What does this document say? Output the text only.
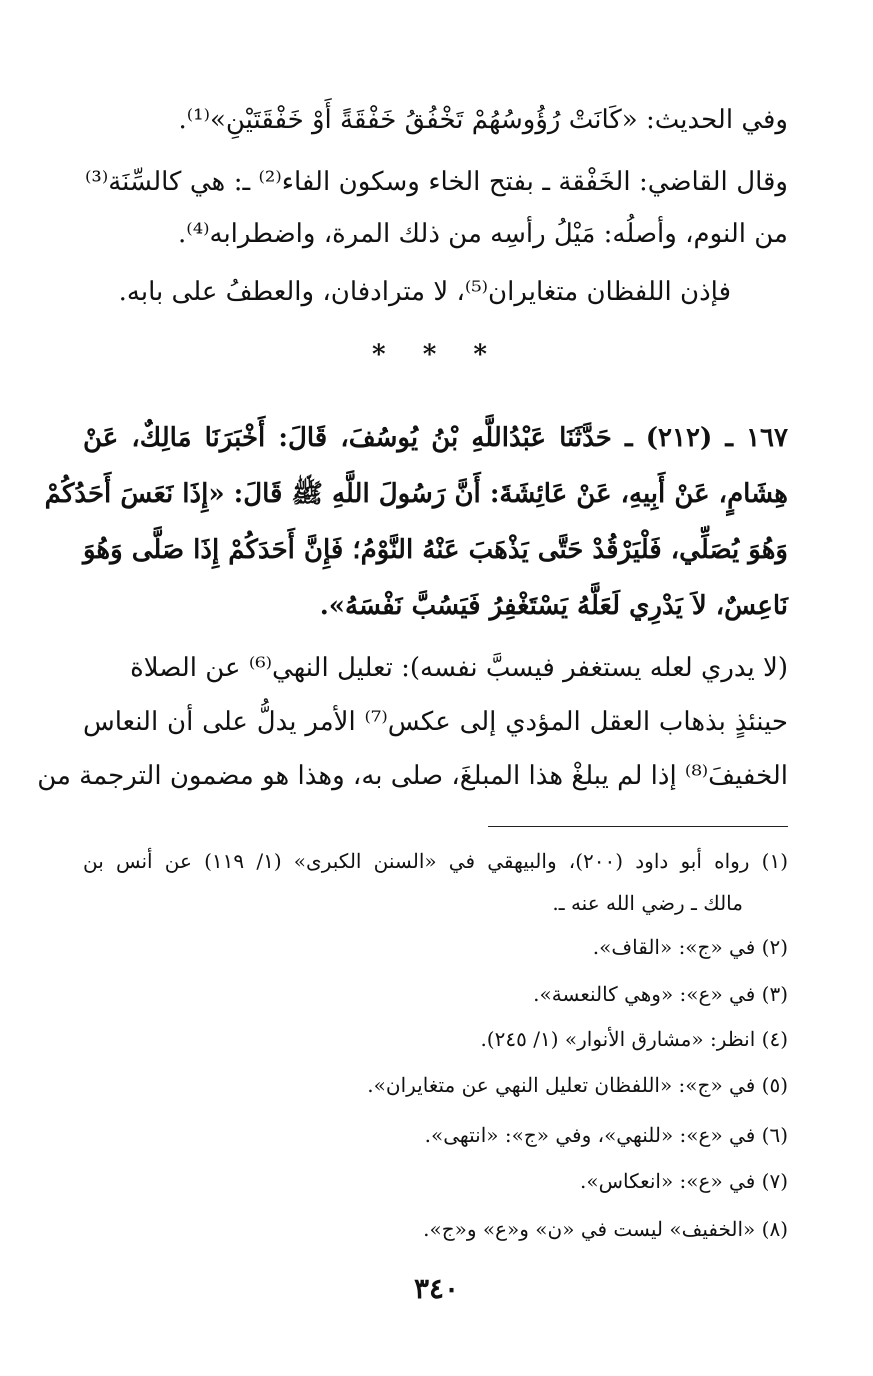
وفي الحديث: «كَانَتْ رُؤُوسُهُمْ تَخْفُقُ خَفْقَةً أَوْ خَفْقَتَيْنِ»⁽¹⁾.
وقال القاضي: الخَفْقة ـ بفتح الخاء وسكون الفاء⁽²⁾ ـ: هي كالسِّنَة⁽³⁾
من النوم، وأصلُه: مَيْلُ رأسِه من ذلك المرة، واضطرابه⁽⁴⁾.
فإذن اللفظان متغايران⁽⁵⁾، لا مترادفان، والعطفُ على بابه.
* * *
١٦٧ ـ (٢١٢) ـ حَدَّثَنَا عَبْدُاللَّهِ بْنُ يُوسُفَ، قَالَ: أَخْبَرَنَا مَالِكٌ، عَنْ
هِشَامٍ، عَنْ أَبِيهِ، عَنْ عَائِشَةَ: أَنَّ رَسُولَ اللَّهِ ﷺ قَالَ: «إِذَا نَعَسَ أَحَدُكُمْ
وَهُوَ يُصَلِّي، فَلْيَرْقُدْ حَتَّى يَذْهَبَ عَنْهُ النَّوْمُ؛ فَإِنَّ أَحَدَكُمْ إِذَا صَلَّى وَهُوَ
نَاعِسٌ، لاَ يَدْرِي لَعَلَّهُ يَسْتَغْفِرُ فَيَسُبَّ نَفْسَهُ».
(لا يدري لعله يستغفر فيسبَّ نفسه): تعليل النهي⁽⁶⁾ عن الصلاة
حينئذٍ بذهاب العقل المؤدي إلى عكس⁽⁷⁾ الأمر يدلُّ على أن النعاس
الخفيفَ⁽⁸⁾ إذا لم يبلغْ هذا المبلغَ، صلى به، وهذا هو مضمون الترجمة من
(١) رواه أبو داود (٢٠٠)، والبيهقي في «السنن الكبرى» (١/ ١١٩) عن أنس بن
مالك ـ رضي الله عنه ـ.
(٢) في «ج»: «القاف».
(٣) في «ع»: «وهي كالنعسة».
(٤) انظر: «مشارق الأنوار» (١/ ٢٤٥).
(٥) في «ج»: «اللفظان تعليل النهي عن متغايران».
(٦) في «ع»: «للنهي»، وفي «ج»: «انتهى».
(٧) في «ع»: «انعكاس».
(٨) «الخفيف» ليست في «ن» و«ع» و«ج».
٣٤٠
